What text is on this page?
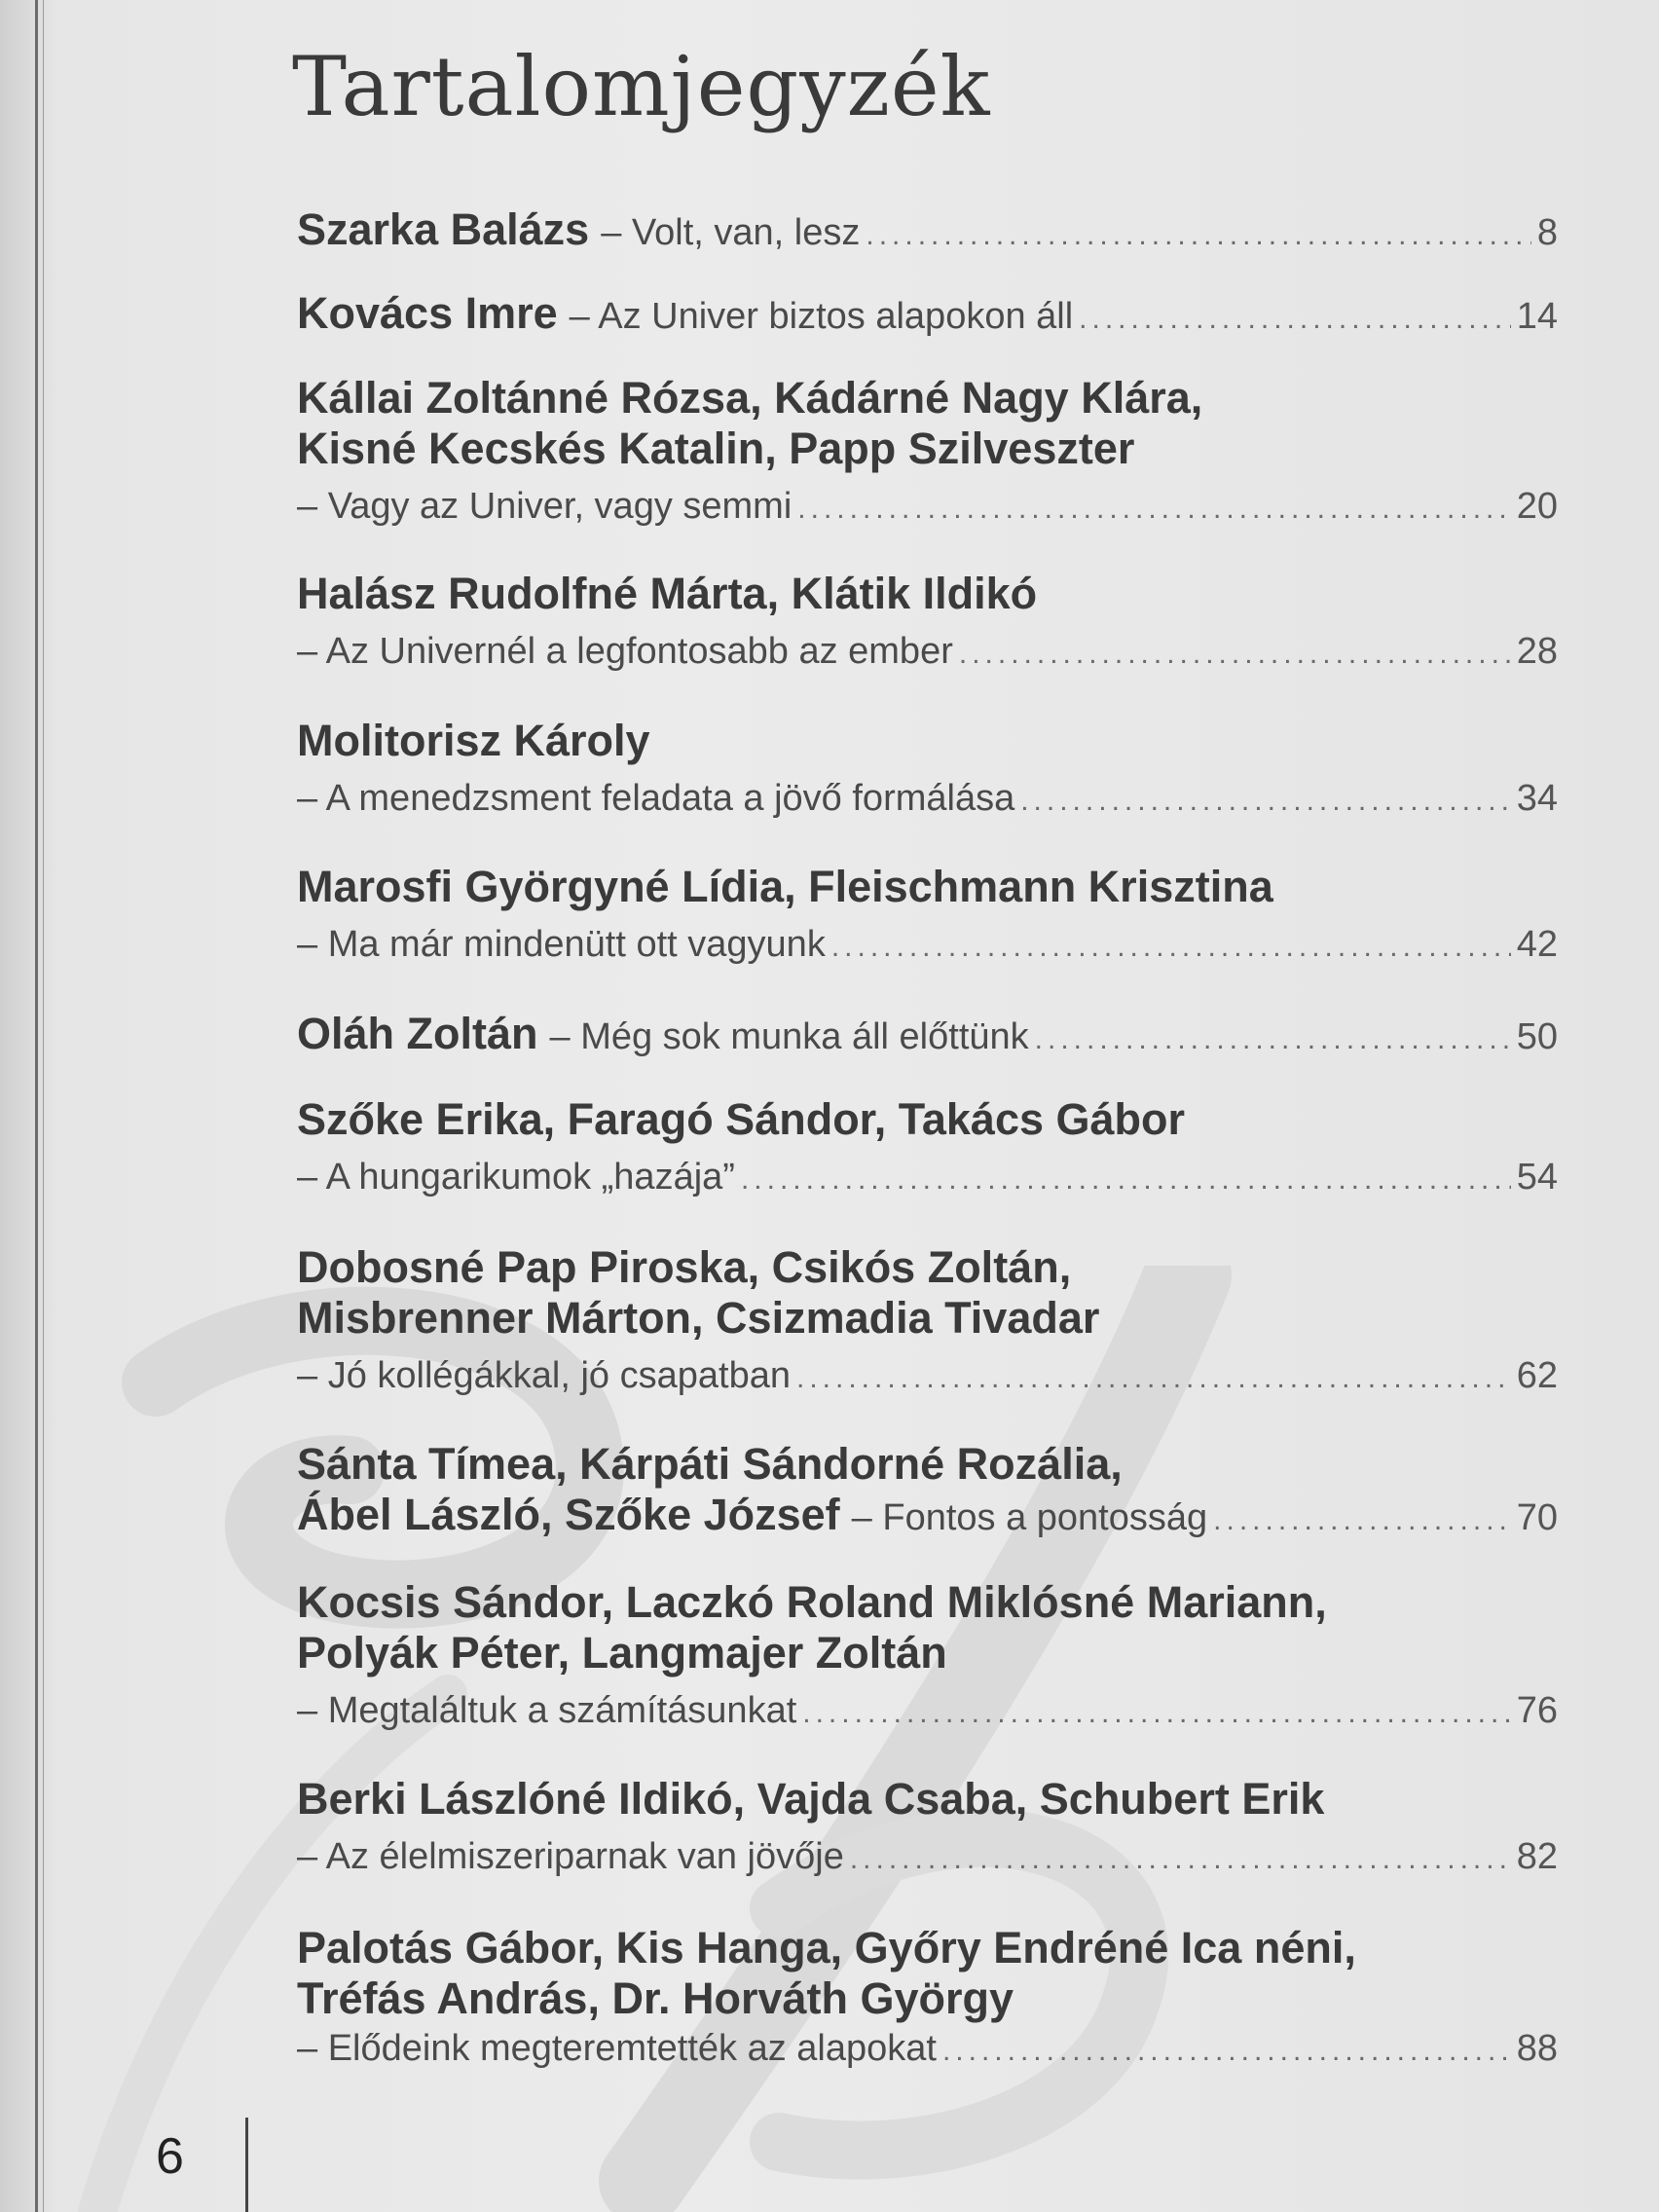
Tartalomjegyzék
Szarka Balázs – Volt, van, lesz .....	8
Kovács Imre – Az Univer biztos alapokon áll .....	14
Kállai Zoltánné Rózsa, Kádárné Nagy Klára,
Kisné Kecskés Katalin, Papp Szilveszter
– Vagy az Univer, vagy semmi .....	20
Halász Rudolfné Márta, Klátik Ildikó
– Az Univernél a legfontosabb az ember .....	28
Molitorisz Károly
– A menedzsment feladata a jövő formálása .....	34
Marosfi Györgyné Lídia, Fleischmann Krisztina
– Ma már mindenütt ott vagyunk .....	42
Oláh Zoltán – Még sok munka áll előttünk .....	50
Szőke Erika, Faragó Sándor, Takács Gábor
– A hungarikumok „hazája” .....	54
Dobosné Pap Piroska, Csikós Zoltán,
Misbrenner Márton, Csizmadia Tivadar
– Jó kollégákkal, jó csapatban .....	62
Sánta Tímea, Kárpáti Sándorné Rozália,
Ábel László, Szőke József – Fontos a pontosság .....	70
Kocsis Sándor, Laczkó Roland Miklósné Mariann,
Polyák Péter, Langmajer Zoltán
– Megtaláltuk a számításunkat .....	76
Berki Lászlóné Ildikó, Vajda Csaba, Schubert Erik
– Az élelmiszeriparnak van jövője .....	82
Palotás Gábor, Kis Hanga, Győry Endréné Ica néni,
Tréfás András, Dr. Horváth György
– Elődeink megteremtették az alapokat .....	88
6
